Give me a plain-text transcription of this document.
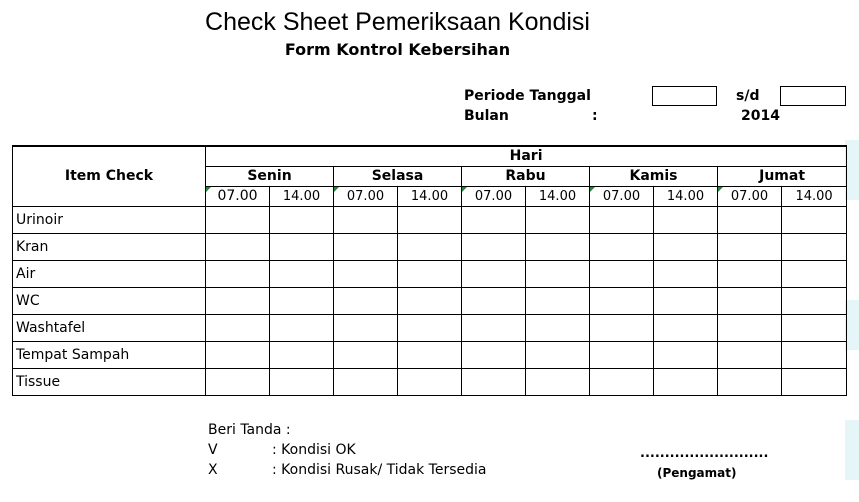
Check Sheet Pemeriksaan Kondisi
Form Kontrol Kebersihan
Periode Tanggal	s/d
Bulan	:	2014
Item Check	Hari									
	Senin		Selasa		Rabu		Kamis		Jumat	
	07.00	14.00	07.00	14.00	07.00	14.00	07.00	14.00	07.00	14.00
Urinoir										
Kran										
Air										
WC										
Washtafel										
Tempat Sampah										
Tissue										
Beri Tanda :
V	: Kondisi OK
X	: Kondisi Rusak/ Tidak Tersedia
..........................
(Pengamat)
